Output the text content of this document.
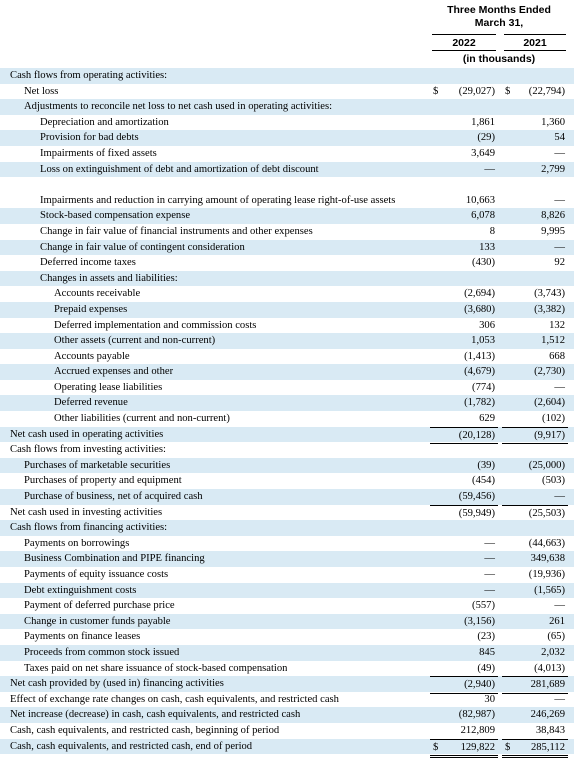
Three Months Ended
March 31,
2022	2021
(in thousands)
Cash flows from operating activities:
Net loss	$ (29,027) $ (22,794)
Adjustments to reconcile net loss to net cash used in operating activities:
Depreciation and amortization	1,861	1,360
Provision for bad debts	(29)	54
Impairments of fixed assets	3,649	—
Loss on extinguishment of debt and amortization of debt discount	—	2,799
Impairments and reduction in carrying amount of operating lease right-of-use assets	10,663	—
Stock-based compensation expense	6,078	8,826
Change in fair value of financial instruments and other expenses	8	9,995
Change in fair value of contingent consideration	133	—
Deferred income taxes	(430)	92
Changes in assets and liabilities:
Accounts receivable	(2,694)	(3,743)
Prepaid expenses	(3,680)	(3,382)
Deferred implementation and commission costs	306	132
Other assets (current and non-current)	1,053	1,512
Accounts payable	(1,413)	668
Accrued expenses and other	(4,679)	(2,730)
Operating lease liabilities	(774)	—
Deferred revenue	(1,782)	(2,604)
Other liabilities (current and non-current)	629	(102)
Net cash used in operating activities	(20,128)	(9,917)
Cash flows from investing activities:
Purchases of marketable securities	(39)	(25,000)
Purchases of property and equipment	(454)	(503)
Purchase of business, net of acquired cash	(59,456)	—
Net cash used in investing activities	(59,949)	(25,503)
Cash flows from financing activities:
Payments on borrowings	—	(44,663)
Business Combination and PIPE financing	—	349,638
Payments of equity issuance costs	—	(19,936)
Debt extinguishment costs	—	(1,565)
Payment of deferred purchase price	(557)	—
Change in customer funds payable	(3,156)	261
Payments on finance leases	(23)	(65)
Proceeds from common stock issued	845	2,032
Taxes paid on net share issuance of stock-based compensation	(49)	(4,013)
Net cash provided by (used in) financing activities	(2,940)	281,689
Effect of exchange rate changes on cash, cash equivalents, and restricted cash	30	—
Net increase (decrease) in cash, cash equivalents, and restricted cash	(82,987)	246,269
Cash, cash equivalents, and restricted cash, beginning of period	212,809	38,843
Cash, cash equivalents, and restricted cash, end of period	$ 129,822 $ 285,112
